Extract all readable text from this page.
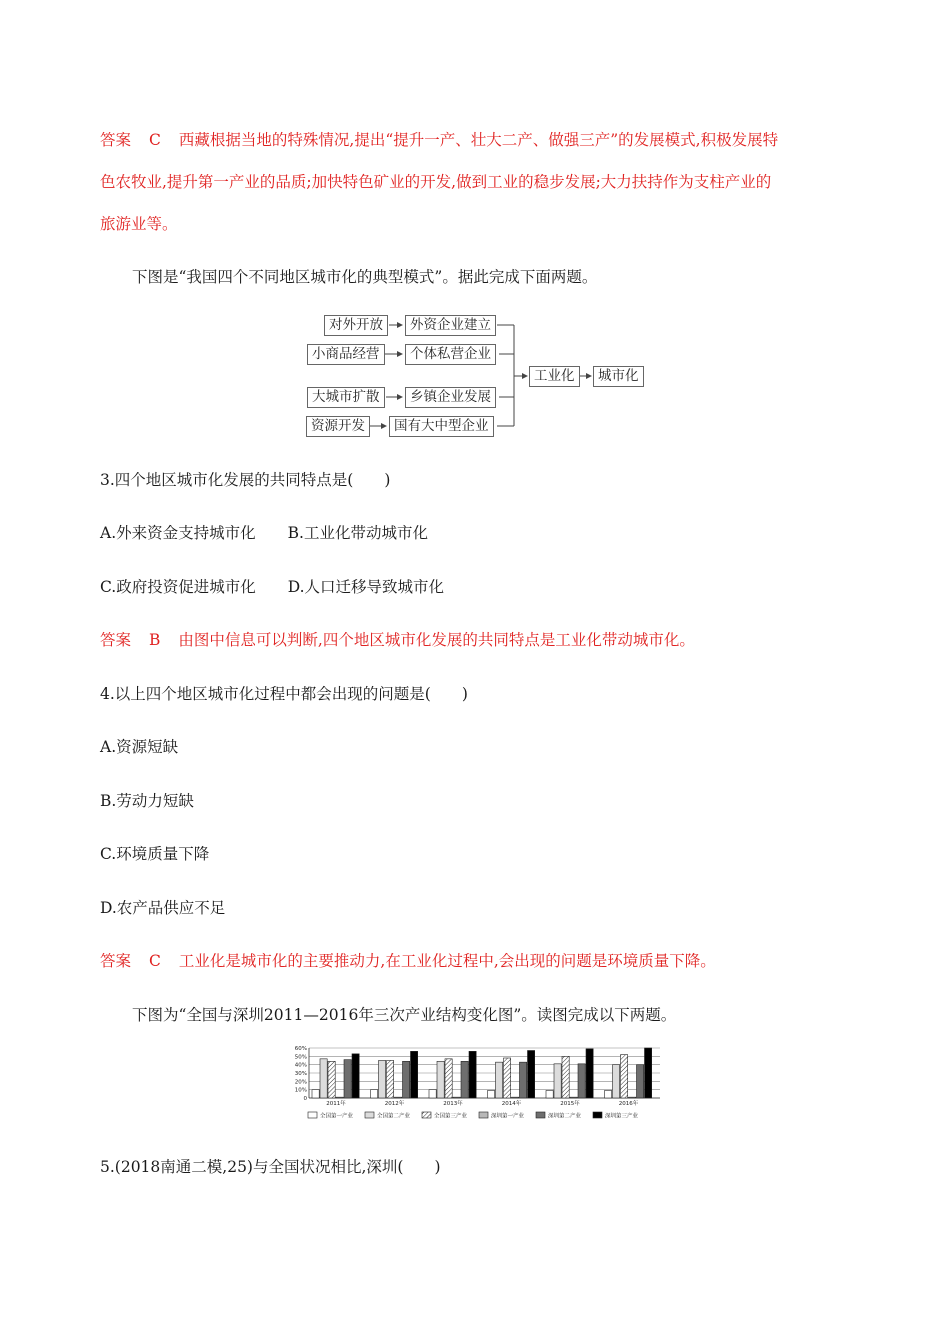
答案 C 西藏根据当地的特殊情况,提出“提升一产、壮大二产、做强三产”的发展模式,积极发展特
色农牧业,提升第一产业的品质;加快特色矿业的开发,做到工业的稳步发展;大力扶持作为支柱产业的
旅游业等。
下图是“我国四个不同地区城市化的典型模式”。据此完成下面两题。
对外开放
小商品经营
大城市扩散
资源开发
外资企业建立
个体私营企业
乡镇企业发展
国有大中型企业
工业化	城市化
3.四个地区城市化发展的共同特点是(　　)
A.外来资金支持城市化 B.工业化带动城市化
C.政府投资促进城市化 D.人口迁移导致城市化
答案 B 由图中信息可以判断,四个地区城市化发展的共同特点是工业化带动城市化。
4.以上四个地区城市化过程中都会出现的问题是(　　)
A.资源短缺
B.劳动力短缺
C.环境质量下降
D.农产品供应不足
答案 C 工业化是城市化的主要推动力,在工业化过程中,会出现的问题是环境质量下降。
下图为“全国与深圳2011—2016年三次产业结构变化图”。读图完成以下两题。
0
10%
20%
30%
40%
50%
60%
2011年	2012年	2013年	2014年	2015年	2016年
全国第一产业	全国第二产业	全国第三产业	深圳第一产业	深圳第二产业	深圳第三产业
5.(2018南通二模,25)与全国状况相比,深圳(　　)
